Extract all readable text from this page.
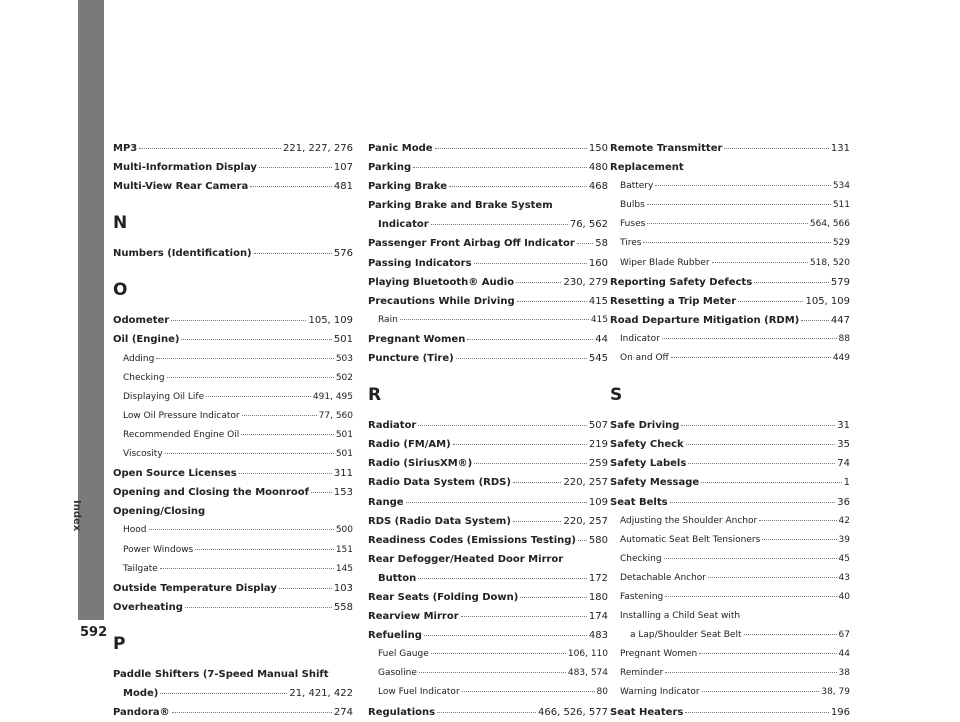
Index
592
MP3	221, 227, 276
Multi-Information Display	107
Multi-View Rear Camera	481
N
Numbers (Identification)	576
O
Odometer	105, 109
Oil (Engine)	501
Adding	503
Checking	502
Displaying Oil Life	491, 495
Low Oil Pressure Indicator	77, 560
Recommended Engine Oil	501
Viscosity	501
Open Source Licenses	311
Opening and Closing the Moonroof 153
Opening/Closing
Hood	500
Power Windows	151
Tailgate	145
Outside Temperature Display	103
Overheating	558
P
Paddle Shifters (7-Speed Manual Shift
Mode)	21, 421, 422
Pandora®	274
Panic Mode	150
Parking	480
Parking Brake	468
Parking Brake and Brake System
Indicator	76, 562
Passenger Front Airbag Off Indicator 58
Passing Indicators	160
Playing Bluetooth® Audio	230, 279
Precautions While Driving	415
Rain	415
Pregnant Women	44
Puncture (Tire)	545
R
Radiator	507
Radio (FM/AM)	219
Radio (SiriusXM®)	259
Radio Data System (RDS)	220, 257
Range	109
RDS (Radio Data System)	220, 257
Readiness Codes (Emissions Testing) 580
Rear Defogger/Heated Door Mirror
Button	172
Rear Seats (Folding Down)	180
Rearview Mirror	174
Refueling	483
Fuel Gauge	106, 110
Gasoline	483, 574
Low Fuel Indicator	80
Regulations	466, 526, 577
Remote Transmitter	131
Replacement
Battery	534
Bulbs	511
Fuses	564, 566
Tires	529
Wiper Blade Rubber	518, 520
Reporting Safety Defects	579
Resetting a Trip Meter	105, 109
Road Departure Mitigation (RDM)	447
Indicator	88
On and Off	449
S
Safe Driving	31
Safety Check	35
Safety Labels	74
Safety Message	1
Seat Belts	36
Adjusting the Shoulder Anchor	42
Automatic Seat Belt Tensioners	39
Checking	45
Detachable Anchor	43
Fastening	40
Installing a Child Seat with
a Lap/Shoulder Seat Belt	67
Pregnant Women	44
Reminder	38
Warning Indicator	38, 79
Seat Heaters	196
